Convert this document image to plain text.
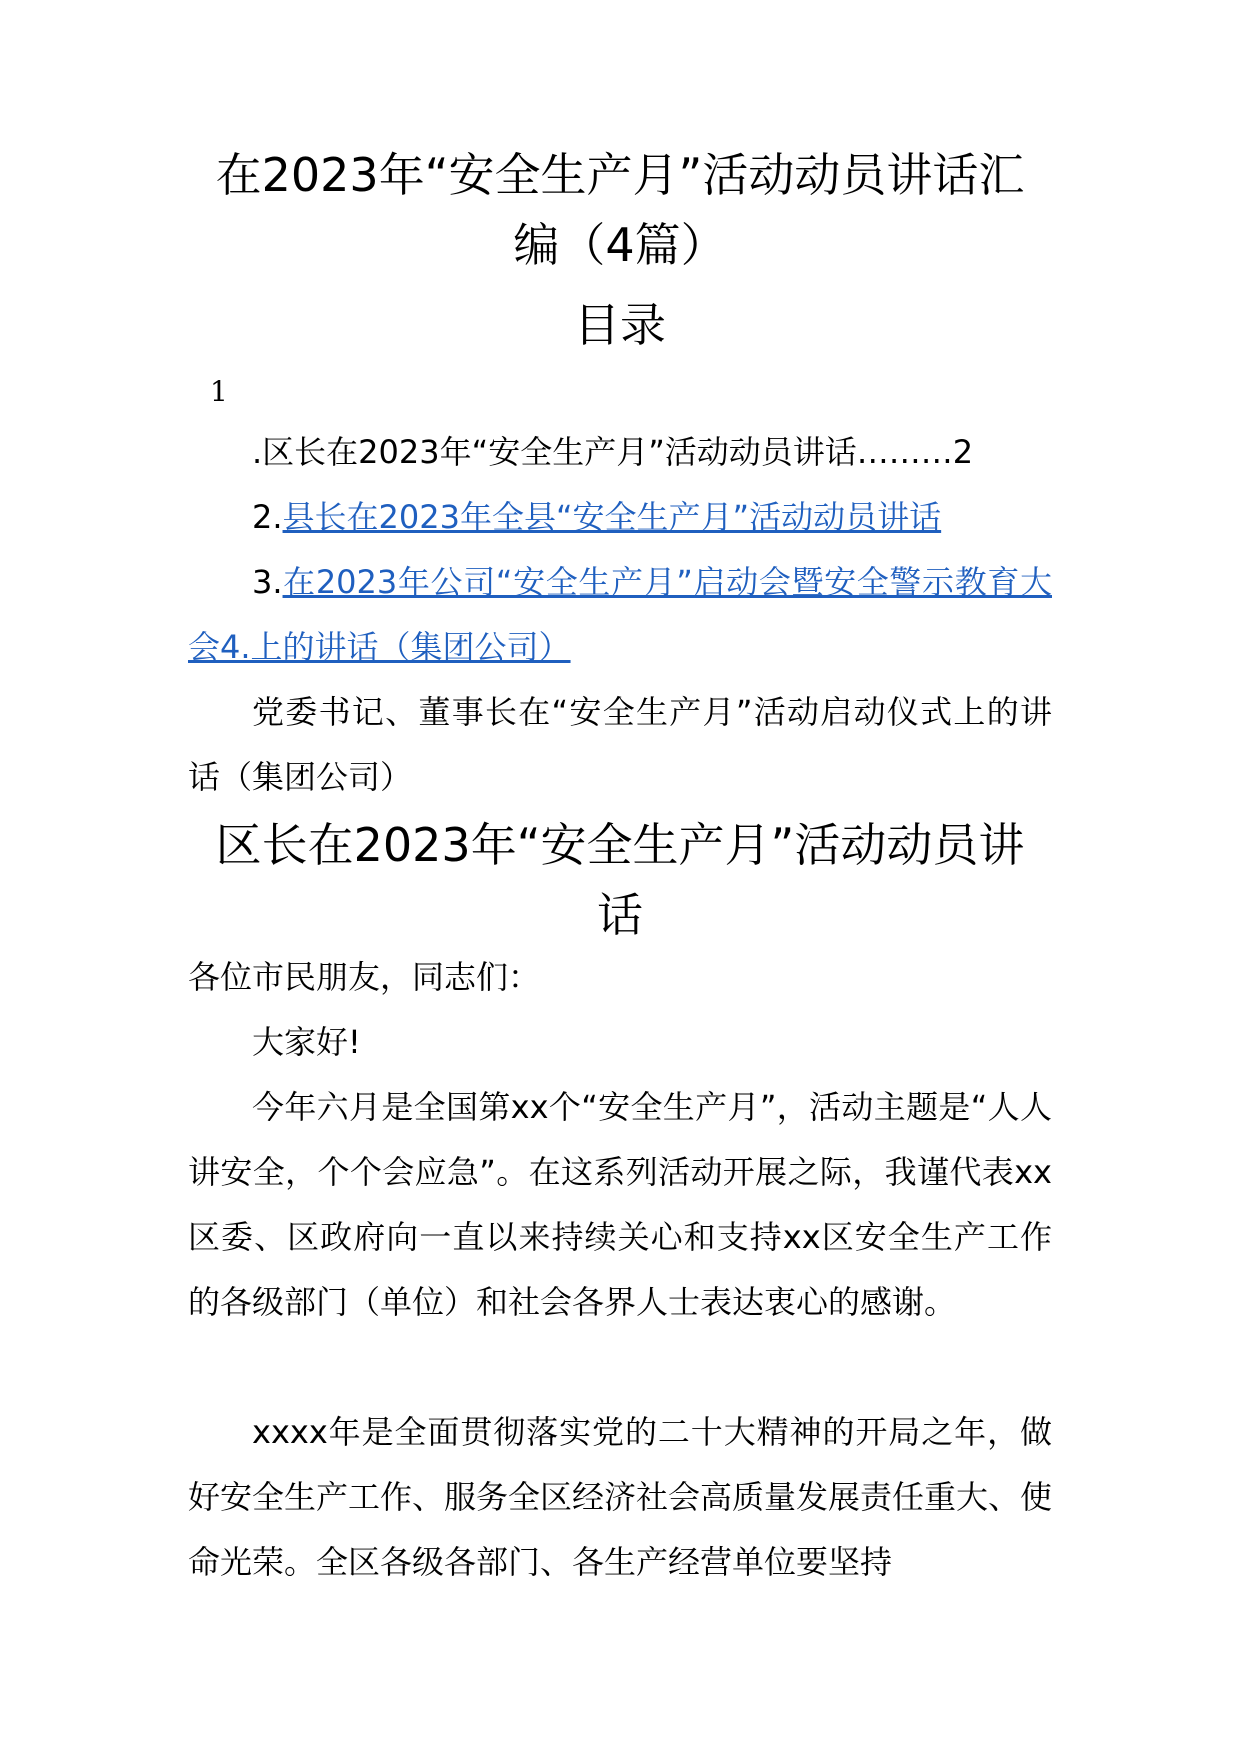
在2023年“安全生产月”活动动员讲话汇
编（4篇）
目录
1

.区长在2023年“安全生产月”活动动员讲话………2

2.县长在2023年全县“安全生产月”活动动员讲话

3.在2023年公司“安全生产月”启动会暨安全警示教育大会4.上的讲话（集团公司）

党委书记、董事长在“安全生产月”活动启动仪式上的讲话（集团公司）

区长在2023年“安全生产月”活动动员讲
话

各位市民朋友，同志们：

大家好!

今年六月是全国第xx个“安全生产月”，活动主题是“人人讲安全，个个会应急”。在这系列活动开展之际，我谨代表xx区委、区政府向一直以来持续关心和支持xx区安全生产工作的各级部门（单位）和社会各界人士表达衷心的感谢。

xxxx年是全面贯彻落实党的二十大精神的开局之年，做好安全生产工作、服务全区经济社会高质量发展责任重大、使命光荣。全区各级各部门、各生产经营单位要坚持
